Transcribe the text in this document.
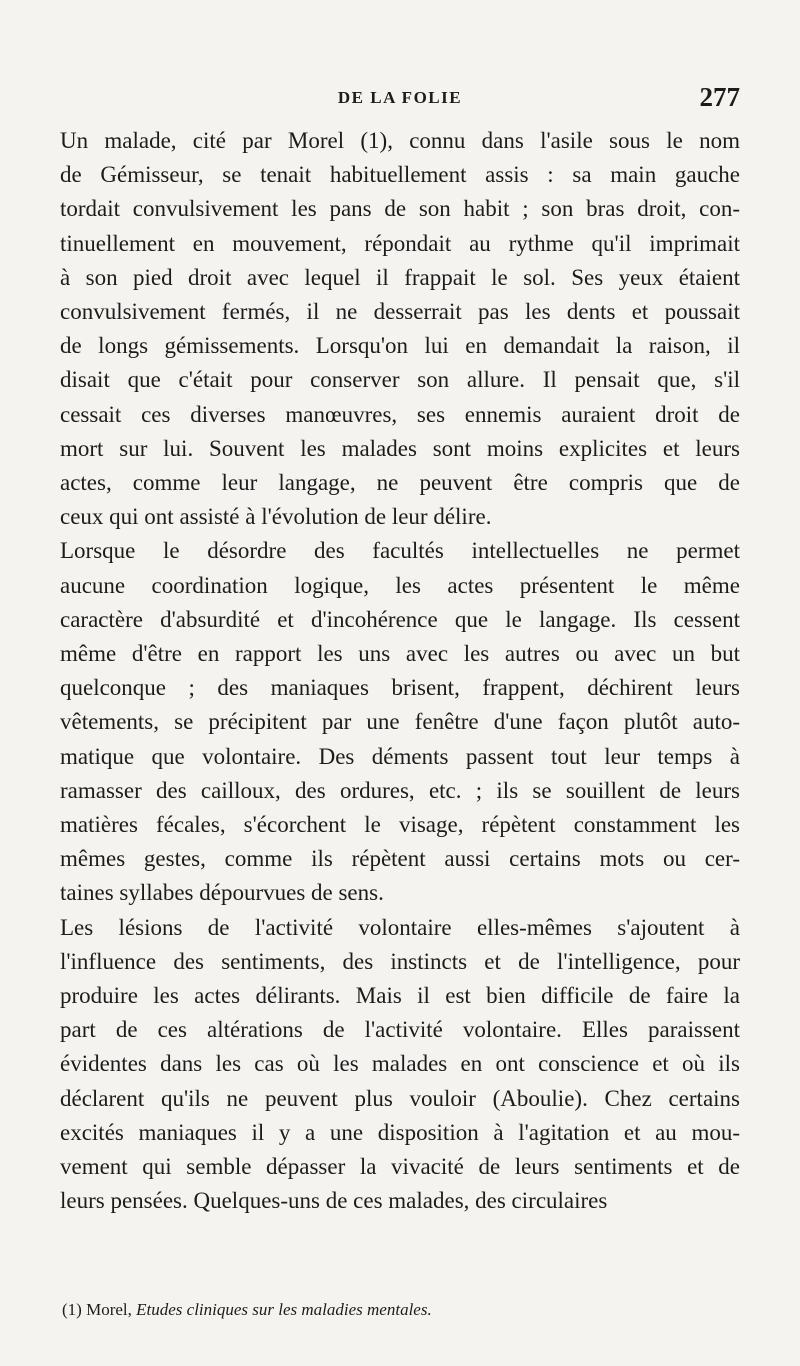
DE LA FOLIE	277

Un malade, cité par Morel (1), connu dans l'asile sous le nom
de Gémisseur, se tenait habituellement assis : sa main gauche
tordait convulsivement les pans de son habit ; son bras droit, con-
tinuellement en mouvement, répondait au rythme qu'il imprimait
à son pied droit avec lequel il frappait le sol. Ses yeux étaient
convulsivement fermés, il ne desserrait pas les dents et poussait
de longs gémissements. Lorsqu'on lui en demandait la raison, il
disait que c'était pour conserver son allure. Il pensait que, s'il
cessait ces diverses manœuvres, ses ennemis auraient droit de
mort sur lui. Souvent les malades sont moins explicites et leurs
actes, comme leur langage, ne peuvent être compris que de
ceux qui ont assisté à l'évolution de leur délire.

Lorsque le désordre des facultés intellectuelles ne permet
aucune coordination logique, les actes présentent le même
caractère d'absurdité et d'incohérence que le langage. Ils cessent
même d'être en rapport les uns avec les autres ou avec un but
quelconque ; des maniaques brisent, frappent, déchirent leurs
vêtements, se précipitent par une fenêtre d'une façon plutôt auto-
matique que volontaire. Des déments passent tout leur temps à
ramasser des cailloux, des ordures, etc. ; ils se souillent de leurs
matières fécales, s'écorchent le visage, répètent constamment les
mêmes gestes, comme ils répètent aussi certains mots ou cer-
taines syllabes dépourvues de sens.

Les lésions de l'activité volontaire elles-mêmes s'ajoutent à
l'influence des sentiments, des instincts et de l'intelligence, pour
produire les actes délirants. Mais il est bien difficile de faire la
part de ces altérations de l'activité volontaire. Elles paraissent
évidentes dans les cas où les malades en ont conscience et où ils
déclarent qu'ils ne peuvent plus vouloir (Aboulie). Chez certains
excités maniaques il y a une disposition à l'agitation et au mou-
vement qui semble dépasser la vivacité de leurs sentiments et de
leurs pensées. Quelques-uns de ces malades, des circulaires

(1) Morel, Etudes cliniques sur les maladies mentales.
